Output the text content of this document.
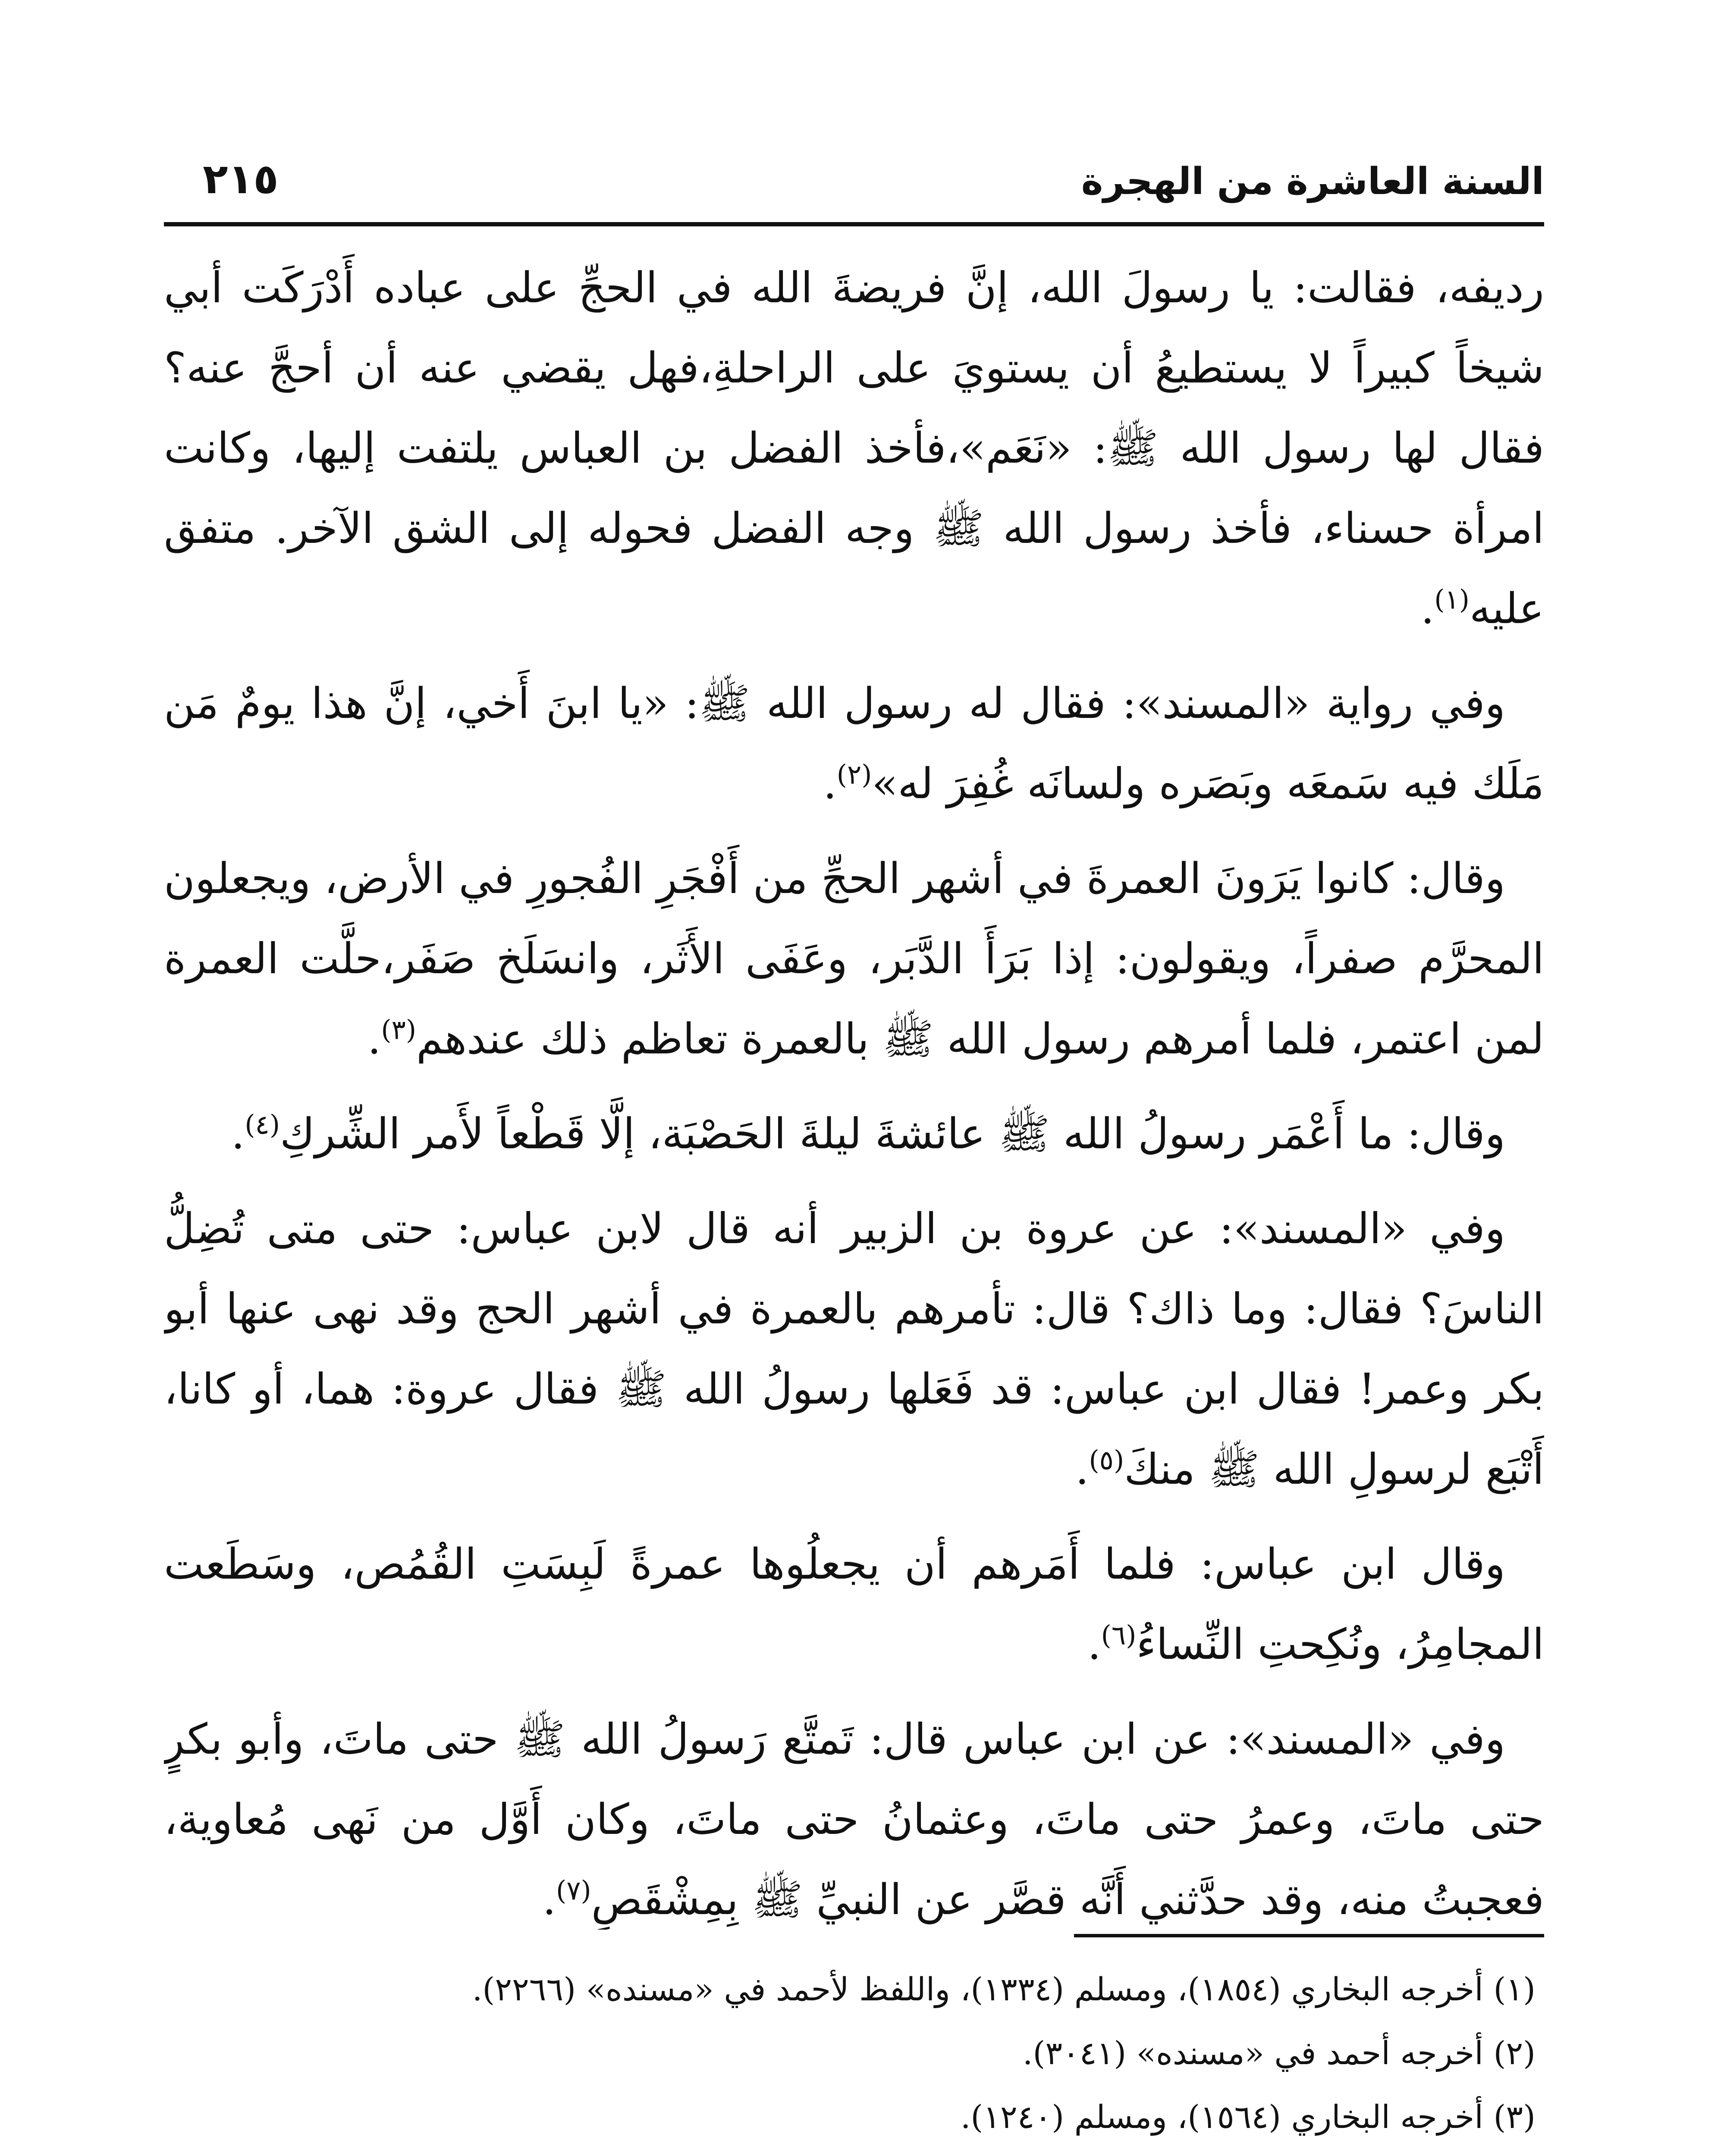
السنة العاشرة من الهجرة
٢١٥

رديفه، فقالت: يا رسولَ الله، إنَّ فريضةَ الله في الحجِّ على عباده أَدْرَكَت أبي شيخاً كبيراً لا يستطيعُ أن يستويَ على الراحلةِ،فهل يقضي عنه أن أحجَّ عنه؟ فقال لها رسول الله ﷺ: «نَعَم»،فأخذ الفضل بن العباس يلتفت إليها، وكانت امرأة حسناء، فأخذ رسول الله ﷺ وجه الفضل فحوله إلى الشق الآخر. متفق عليه$^{(١)}$.

وفي رواية «المسند»: فقال له رسول الله ﷺ: «يا ابنَ أَخي، إنَّ هذا يومٌ مَن مَلَك فيه سَمعَه وبَصَره ولسانَه غُفِرَ له»$^{(٢)}$.

وقال: كانوا يَرَونَ العمرةَ في أشهر الحجِّ من أَفْجَرِ الفُجورِ في الأرض، ويجعلون المحرَّم صفراً، ويقولون: إذا بَرَأَ الدَّبَر، وعَفَى الأَثَر، وانسَلَخ صَفَر،حلَّت العمرة لمن اعتمر، فلما أمرهم رسول الله ﷺ بالعمرة تعاظم ذلك عندهم$^{(٣)}$.

وقال: ما أَعْمَر رسولُ الله ﷺ عائشةَ ليلةَ الحَصْبَة، إلَّا قَطْعاً لأَمر الشِّركِ$^{(٤)}$.

وفي «المسند»: عن عروة بن الزبير أنه قال لابن عباس: حتى متى تُضِلُّ الناسَ؟ فقال: وما ذاك؟ قال: تأمرهم بالعمرة في أشهر الحج وقد نهى عنها أبو بكر وعمر! فقال ابن عباس: قد فَعَلها رسولُ الله ﷺ فقال عروة: هما، أو كانا، أَتْبَع لرسولِ الله ﷺ منكَ$^{(٥)}$.

وقال ابن عباس: فلما أَمَرهم أن يجعلُوها عمرةً لَبِسَتِ القُمُص، وسَطَعت المجامِرُ، ونُكِحتِ النِّساءُ$^{(٦)}$.

وفي «المسند»: عن ابن عباس قال: تَمتَّع رَسولُ الله ﷺ حتى ماتَ، وأبو بكرٍ حتى ماتَ، وعمرُ حتى ماتَ، وعثمانُ حتى ماتَ، وكان أَوَّل من نَهى مُعاوية، فعجبتُ منه، وقد حدَّثني أَنَّه قصَّر عن النبيِّ ﷺ بِمِشْقَصٍ$^{(٧)}$.

(١) أخرجه البخاري (١٨٥٤)، ومسلم (١٣٣٤)، واللفظ لأحمد في «مسنده» (٢٢٦٦).
(٢) أخرجه أحمد في «مسنده» (٣٠٤١).
(٣) أخرجه البخاري (١٥٦٤)، ومسلم (١٢٤٠).
